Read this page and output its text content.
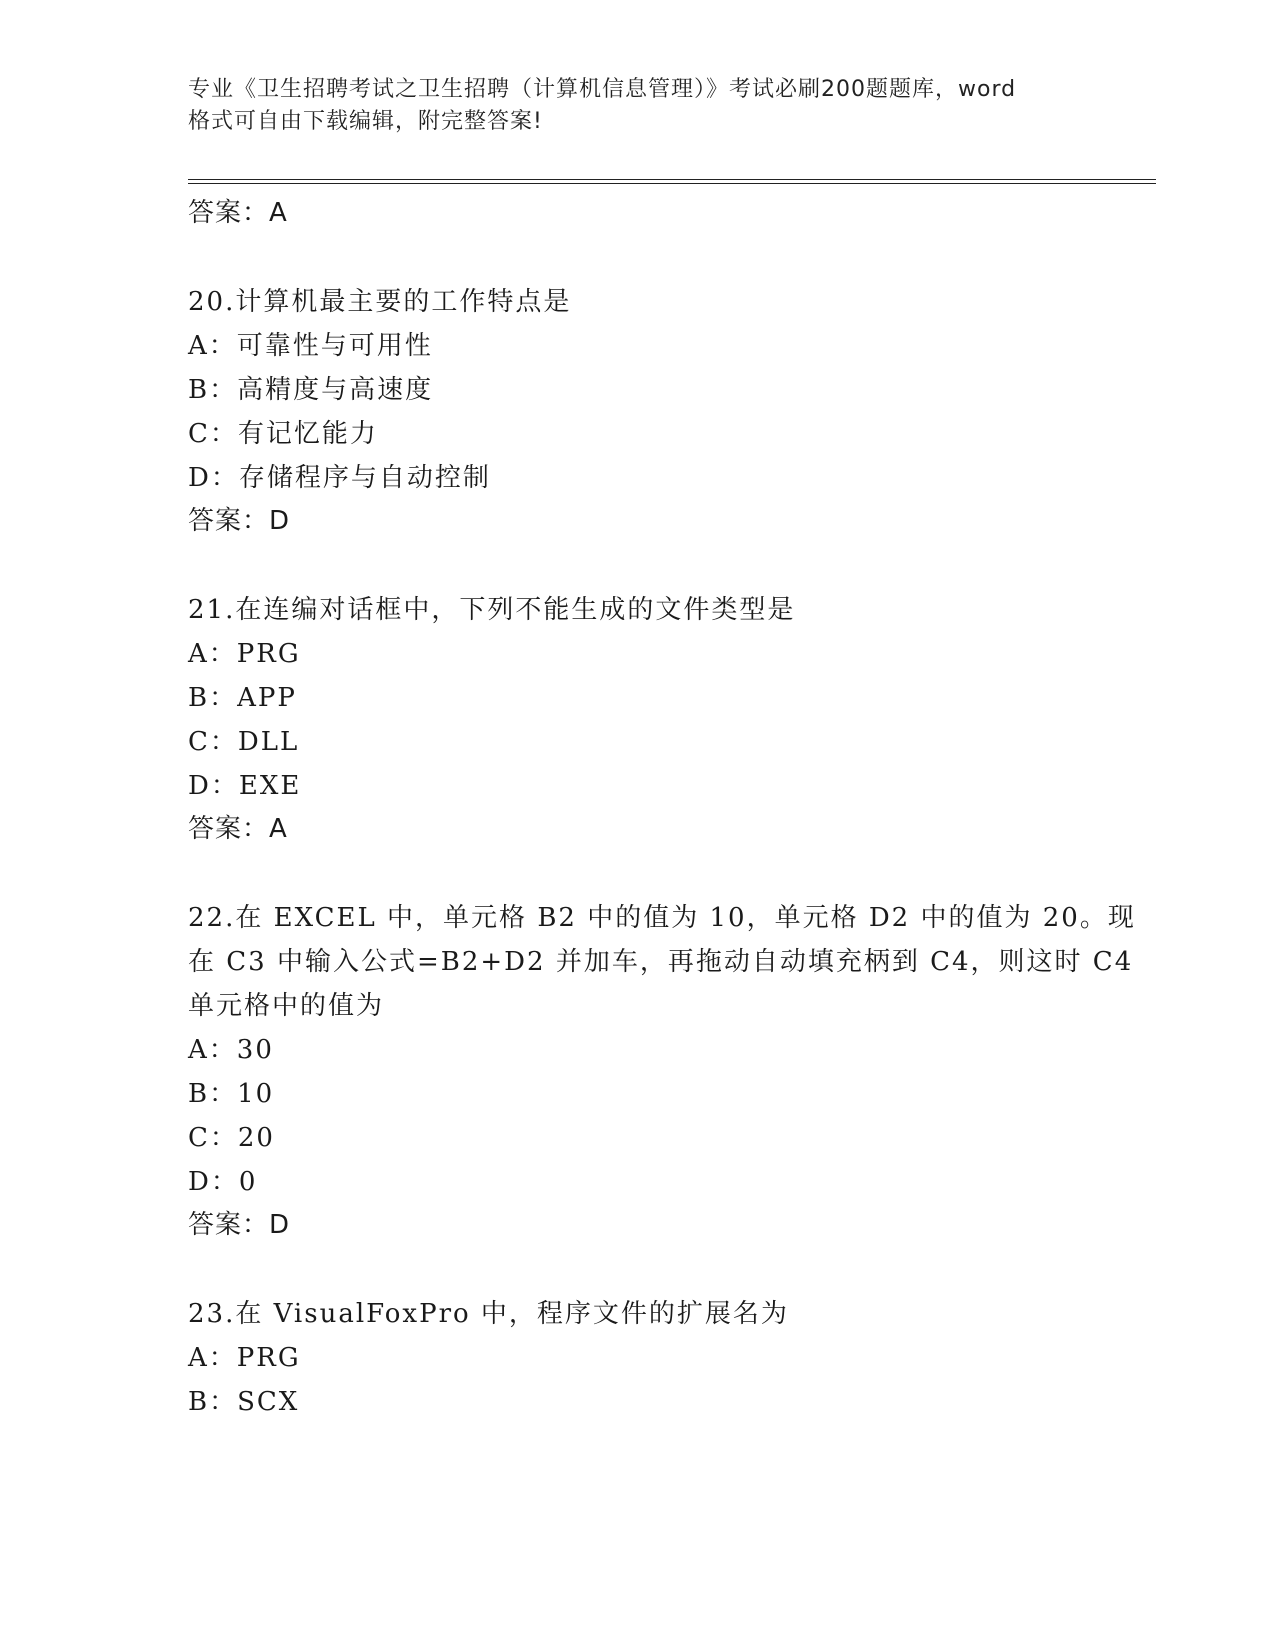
专业《卫生招聘考试之卫生招聘（计算机信息管理）》考试必刷200题题库，word
格式可自由下载编辑，附完整答案!
答案：A
20.计算机最主要的工作特点是
A：可靠性与可用性
B：高精度与高速度
C：有记忆能力
D：存储程序与自动控制
答案：D
21.在连编对话框中，下列不能生成的文件类型是
A：PRG
B：APP
C：DLL
D：EXE
答案：A
22.在 EXCEL 中，单元格 B2 中的值为 10，单元格 D2 中的值为 20。现
在 C3 中输入公式=B2+D2 并加车，再拖动自动填充柄到 C4，则这时 C4
单元格中的值为
A：30
B：10
C：20
D：0
答案：D
23.在 VisualFoxPro 中，程序文件的扩展名为
A：PRG
B：SCX
